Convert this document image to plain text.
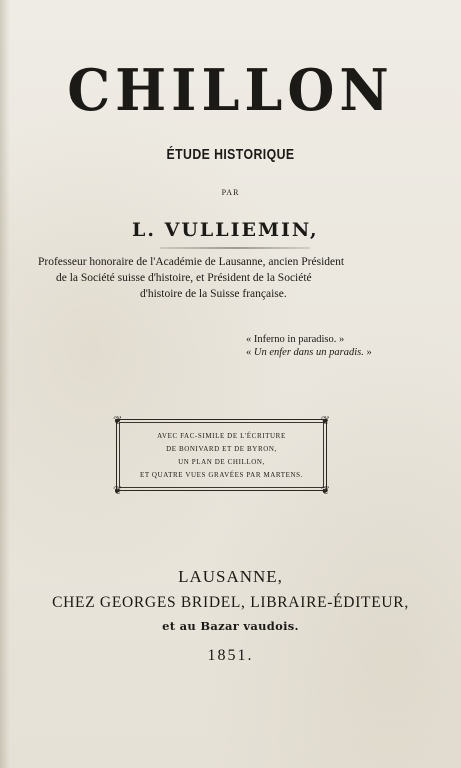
CHILLON
ÉTUDE HISTORIQUE
PAR
L. VULLIEMIN,
Professeur honoraire de l'Académie de Lausanne, ancien Président
de la Société suisse d'histoire, et Président de la Société
d'histoire de la Suisse française.
« Inferno in paradiso. »
« Un enfer dans un paradis. »
❦	❦
❦	❦
AVEC FAC-SIMILE DE L'ÉCRITURE
DE BONIVARD ET DE BYRON,
UN PLAN DE CHILLON,
ET QUATRE VUES GRAVÉES PAR MARTENS.
LAUSANNE,
CHEZ GEORGES BRIDEL, LIBRAIRE-ÉDITEUR,
et au Bazar vaudois.
1851.
